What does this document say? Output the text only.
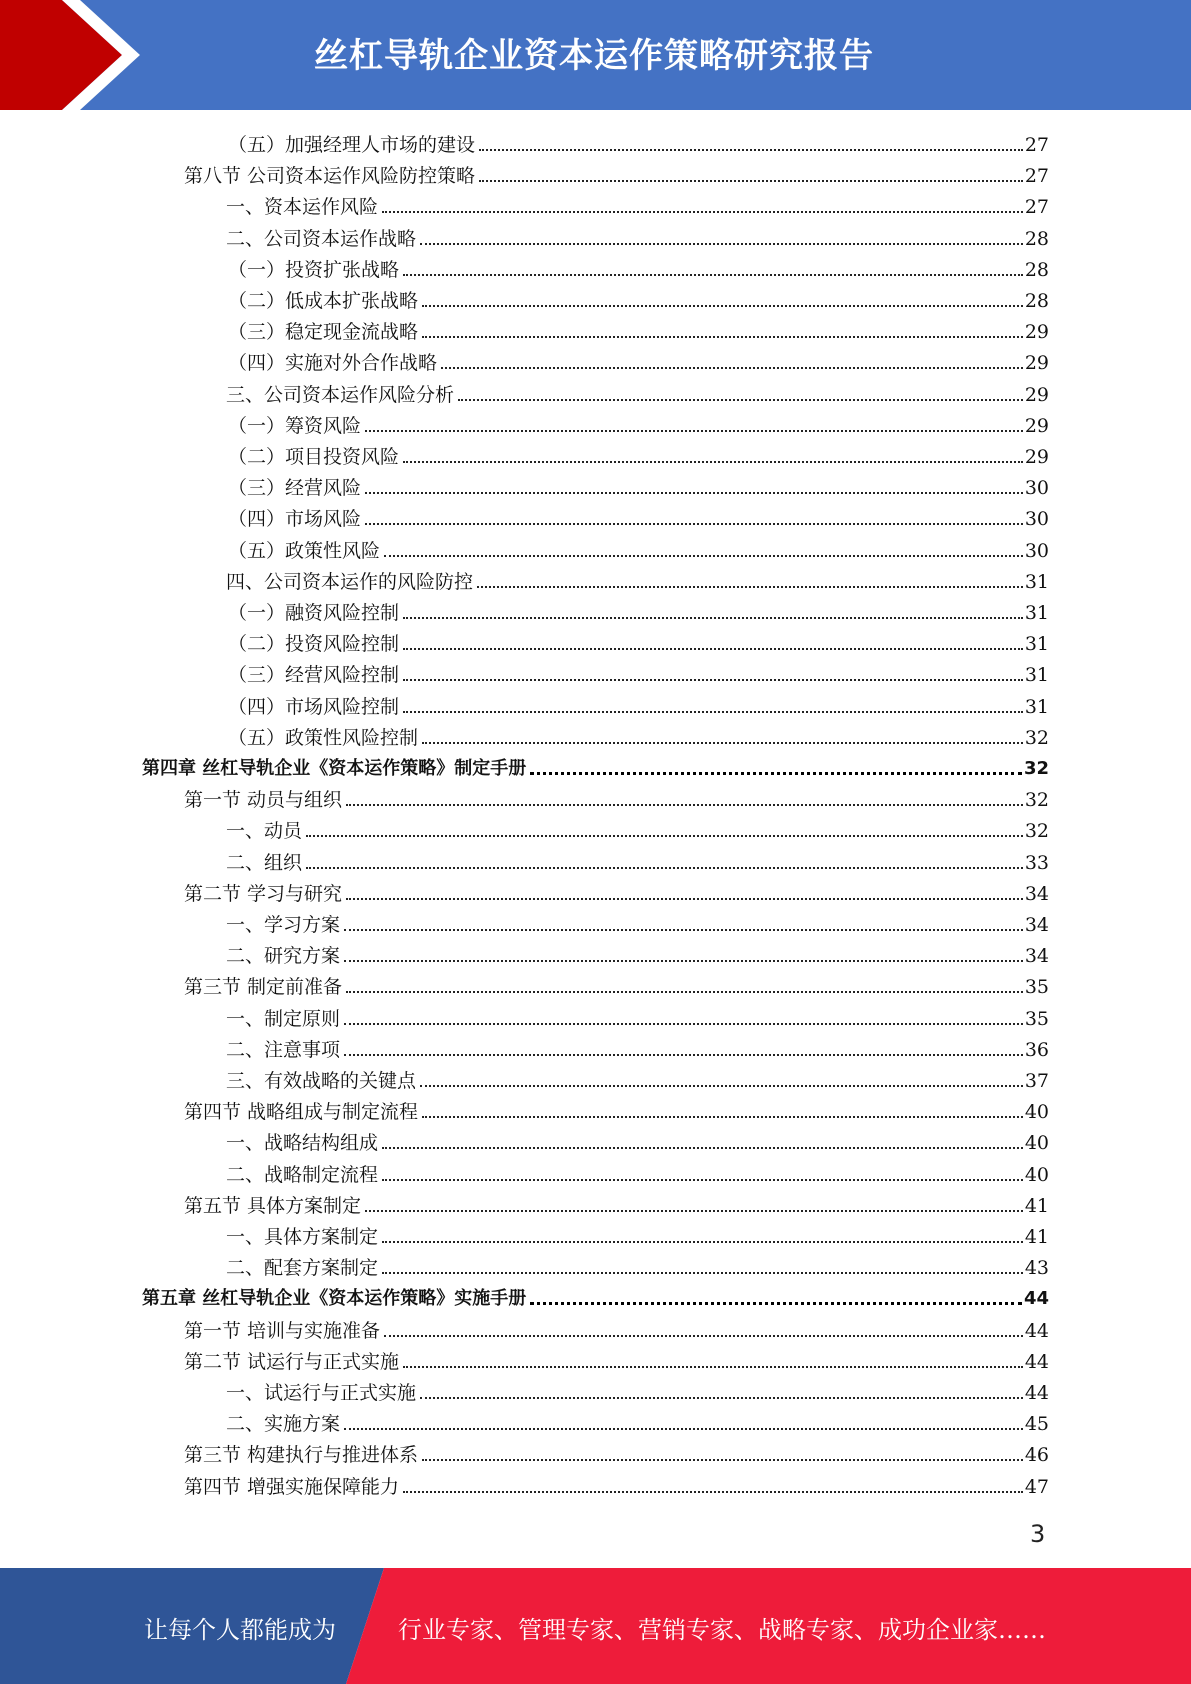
丝杠导轨企业资本运作策略研究报告
（五）加强经理人市场的建设	27
第八节 公司资本运作风险防控策略	27
一、资本运作风险	27
二、公司资本运作战略	28
（一）投资扩张战略	28
（二）低成本扩张战略	28
（三）稳定现金流战略	29
（四）实施对外合作战略	29
三、公司资本运作风险分析	29
（一）筹资风险	29
（二）项目投资风险	29
（三）经营风险	30
（四）市场风险	30
（五）政策性风险	30
四、公司资本运作的风险防控	31
（一）融资风险控制	31
（二）投资风险控制	31
（三）经营风险控制	31
（四）市场风险控制	31
（五）政策性风险控制	32
第四章 丝杠导轨企业《资本运作策略》制定手册	32
第一节 动员与组织	32
一、动员	32
二、组织	33
第二节 学习与研究	34
一、学习方案	34
二、研究方案	34
第三节 制定前准备	35
一、制定原则	35
二、注意事项	36
三、有效战略的关键点	37
第四节 战略组成与制定流程	40
一、战略结构组成	40
二、战略制定流程	40
第五节 具体方案制定	41
一、具体方案制定	41
二、配套方案制定	43
第五章 丝杠导轨企业《资本运作策略》实施手册	44
第一节 培训与实施准备	44
第二节 试运行与正式实施	44
一、试运行与正式实施	44
二、实施方案	45
第三节 构建执行与推进体系	46
第四节 增强实施保障能力	47
3
让每个人都能成为	行业专家、管理专家、营销专家、战略专家、成功企业家……
